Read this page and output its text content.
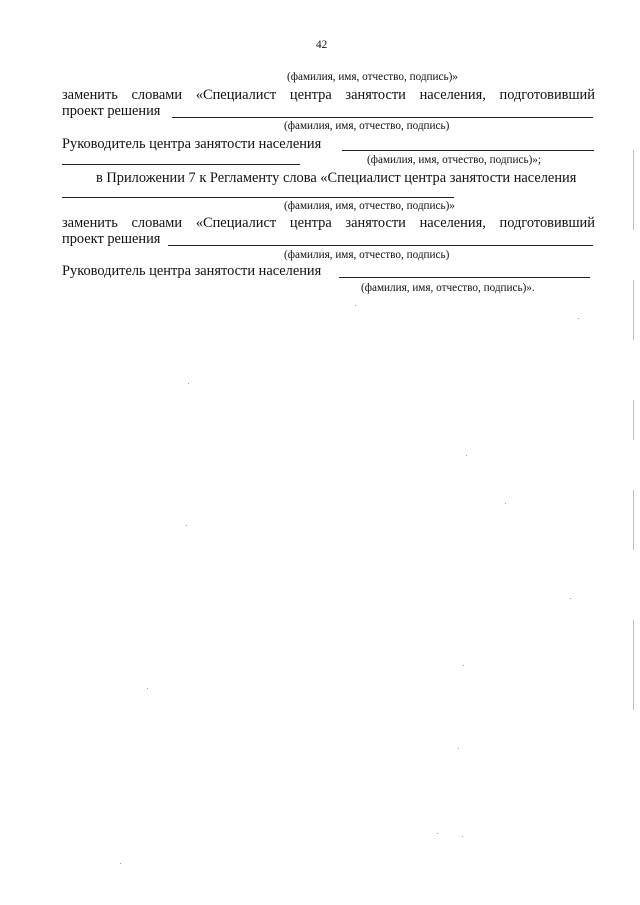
42
(фамилия, имя, отчество, подпись)»
заменить словами «Специалист центра занятости населения, подготовивший
проект решения
(фамилия, имя, отчество, подпись)
Руководитель центра занятости населения
(фамилия, имя, отчество, подпись)»;
в Приложении 7 к Регламенту слова «Специалист центра занятости населения
(фамилия, имя, отчество, подпись)»
заменить словами «Специалист центра занятости населения, подготовивший
проект решения
(фамилия, имя, отчество, подпись)
Руководитель центра занятости населения
(фамилия, имя, отчество, подпись)».
